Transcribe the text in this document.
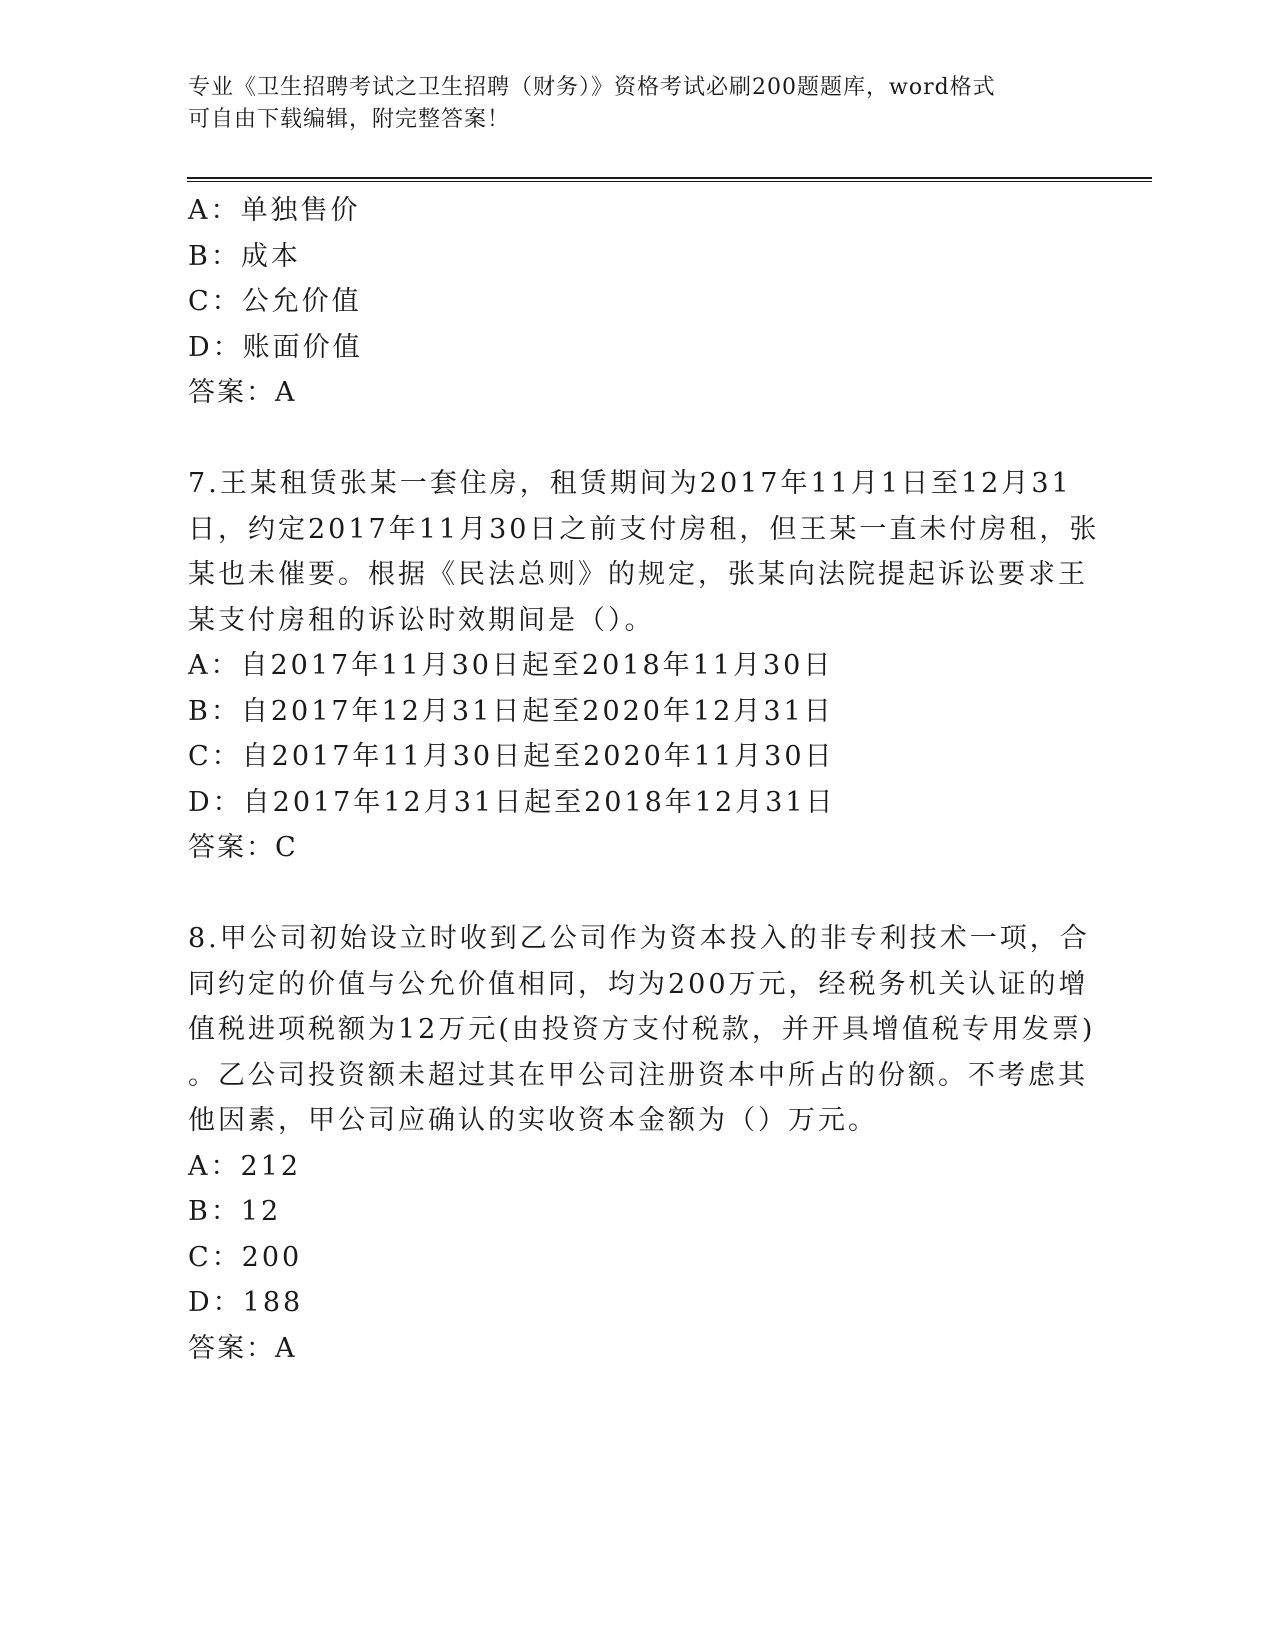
专业《卫生招聘考试之卫生招聘（财务）》资格考试必刷200题题库，word格式
可自由下载编辑，附完整答案！
A：单独售价
B：成本
C：公允价值
D：账面价值
答案：A
7.王某租赁张某一套住房，租赁期间为2017年11月1日至12月31
日，约定2017年11月30日之前支付房租，但王某一直未付房租，张
某也未催要。根据《民法总则》的规定，张某向法院提起诉讼要求王
某支付房租的诉讼时效期间是（）。
A：自2017年11月30日起至2018年11月30日
B：自2017年12月31日起至2020年12月31日
C：自2017年11月30日起至2020年11月30日
D：自2017年12月31日起至2018年12月31日
答案：C
8.甲公司初始设立时收到乙公司作为资本投入的非专利技术一项，合
同约定的价值与公允价值相同，均为200万元，经税务机关认证的增
值税进项税额为12万元(由投资方支付税款，并开具增值税专用发票)
。乙公司投资额未超过其在甲公司注册资本中所占的份额。不考虑其
他因素，甲公司应确认的实收资本金额为（）万元。
A：212
B：12
C：200
D：188
答案：A
